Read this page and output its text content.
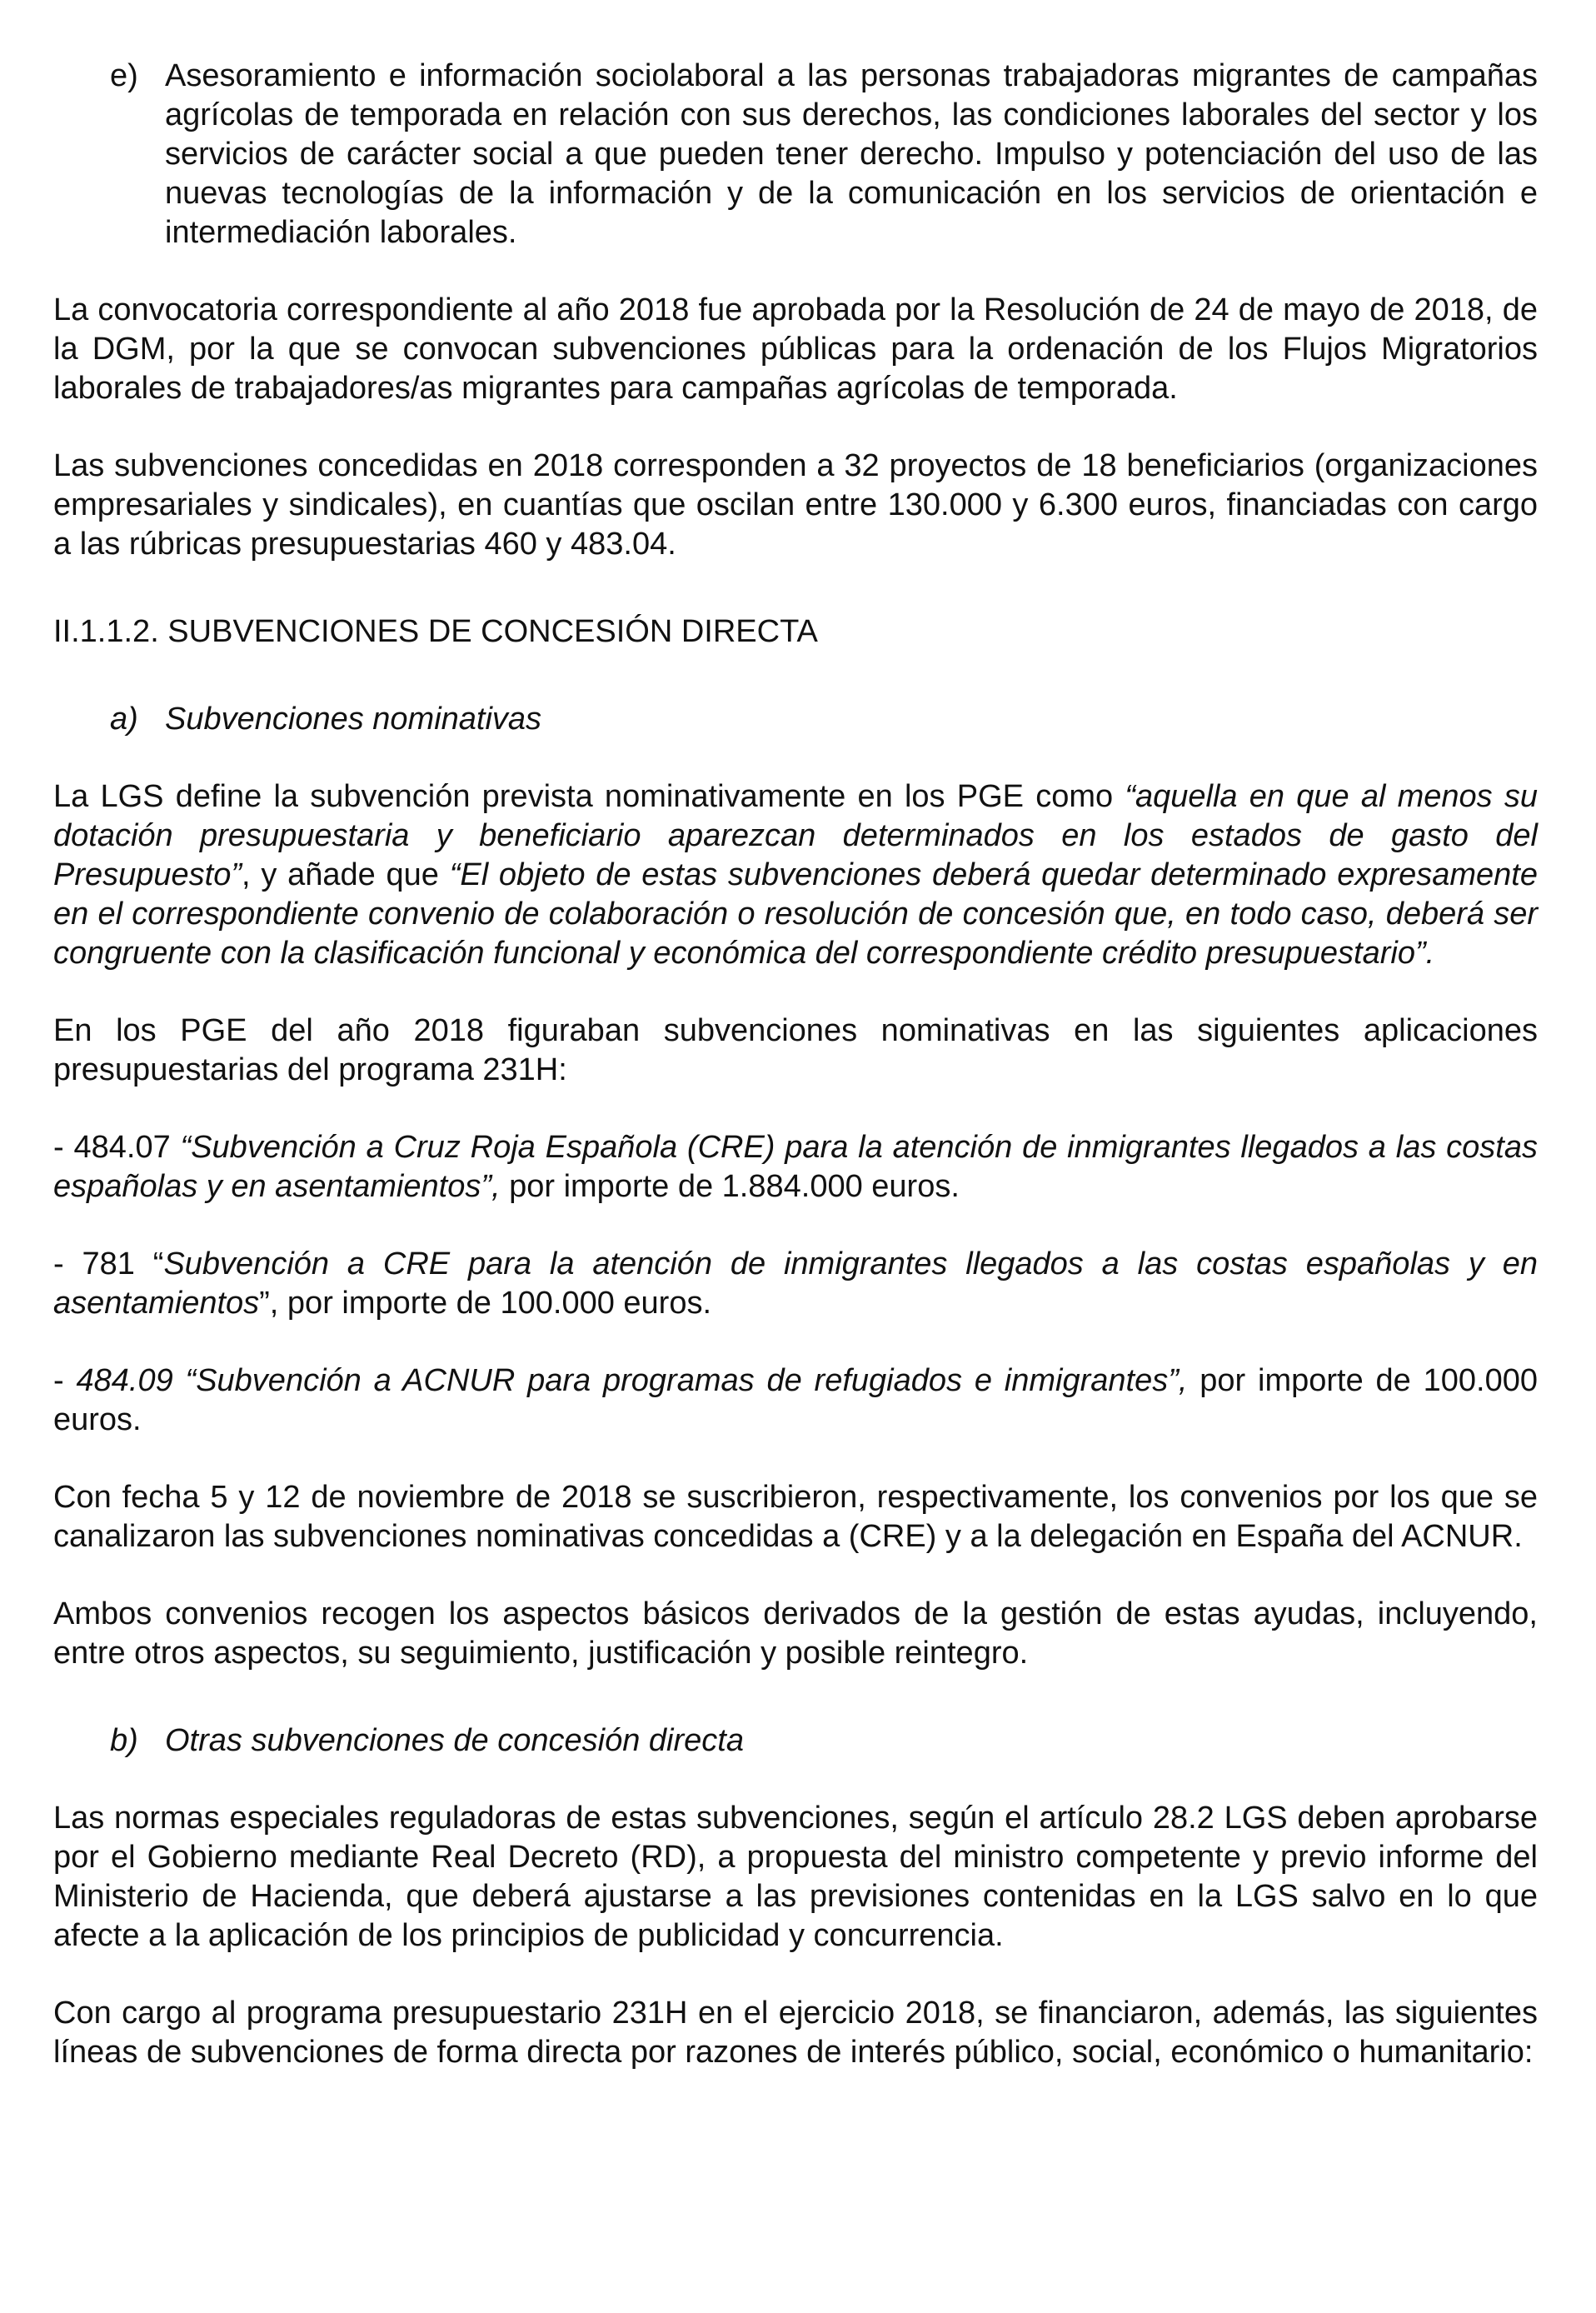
e) Asesoramiento e información sociolaboral a las personas trabajadoras migrantes de campañas agrícolas de temporada en relación con sus derechos, las condiciones laborales del sector y los servicios de carácter social a que pueden tener derecho. Impulso y potenciación del uso de las nuevas tecnologías de la información y de la comunicación en los servicios de orientación e intermediación laborales.

La convocatoria correspondiente al año 2018 fue aprobada por la Resolución de 24 de mayo de 2018, de la DGM, por la que se convocan subvenciones públicas para la ordenación de los Flujos Migratorios laborales de trabajadores/as migrantes para campañas agrícolas de temporada.

Las subvenciones concedidas en 2018 corresponden a 32 proyectos de 18 beneficiarios (organizaciones empresariales y sindicales), en cuantías que oscilan entre 130.000 y 6.300 euros, financiadas con cargo a las rúbricas presupuestarias 460 y 483.04.

II.1.1.2. SUBVENCIONES DE CONCESIÓN DIRECTA

a) Subvenciones nominativas

La LGS define la subvención prevista nominativamente en los PGE como “aquella en que al menos su dotación presupuestaria y beneficiario aparezcan determinados en los estados de gasto del Presupuesto”, y añade que “El objeto de estas subvenciones deberá quedar determinado expresamente en el correspondiente convenio de colaboración o resolución de concesión que, en todo caso, deberá ser congruente con la clasificación funcional y económica del correspondiente crédito presupuestario”.

En los PGE del año 2018 figuraban subvenciones nominativas en las siguientes aplicaciones presupuestarias del programa 231H:

- 484.07 “Subvención a Cruz Roja Española (CRE) para la atención de inmigrantes llegados a las costas españolas y en asentamientos”, por importe de 1.884.000 euros.

- 781 “Subvención a CRE para la atención de inmigrantes llegados a las costas españolas y en asentamientos”, por importe de 100.000 euros.

- 484.09 “Subvención a ACNUR para programas de refugiados e inmigrantes”, por importe de 100.000 euros.

Con fecha 5 y 12 de noviembre de 2018 se suscribieron, respectivamente, los convenios por los que se canalizaron las subvenciones nominativas concedidas a (CRE) y a la delegación en España del ACNUR.

Ambos convenios recogen los aspectos básicos derivados de la gestión de estas ayudas, incluyendo, entre otros aspectos, su seguimiento, justificación y posible reintegro.

b) Otras subvenciones de concesión directa

Las normas especiales reguladoras de estas subvenciones, según el artículo 28.2 LGS deben aprobarse por el Gobierno mediante Real Decreto (RD), a propuesta del ministro competente y previo informe del Ministerio de Hacienda, que deberá ajustarse a las previsiones contenidas en la LGS salvo en lo que afecte a la aplicación de los principios de publicidad y concurrencia.

Con cargo al programa presupuestario 231H en el ejercicio 2018, se financiaron, además, las siguientes líneas de subvenciones de forma directa por razones de interés público, social, económico o humanitario:
